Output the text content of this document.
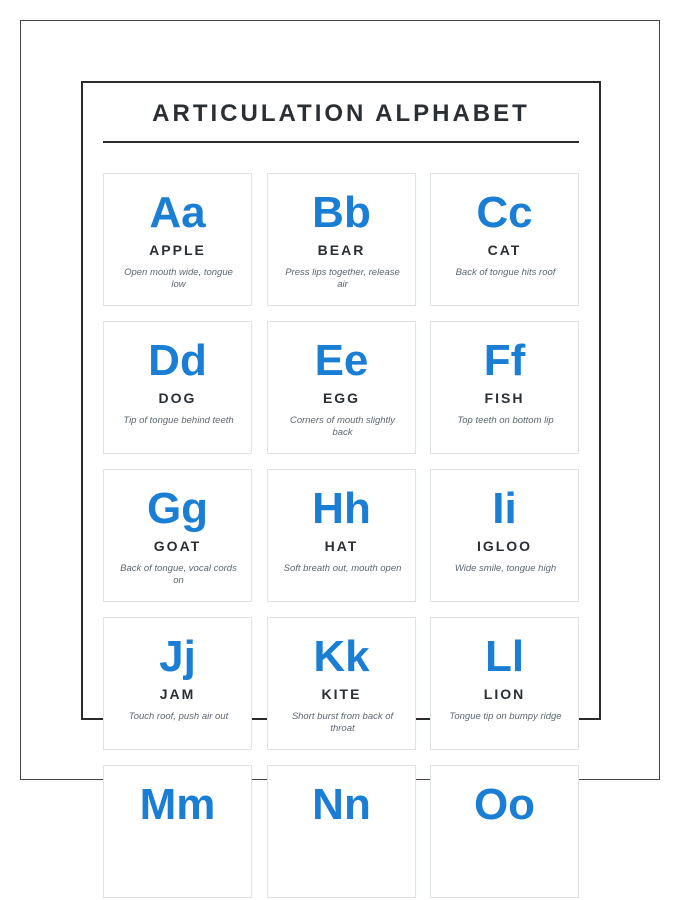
ARTICULATION ALPHABET
Aa
APPLE
Open mouth wide, tongue low
Bb
BEAR
Press lips together, release air
Cc
CAT
Back of tongue hits roof
Dd
DOG
Tip of tongue behind teeth
Ee
EGG
Corners of mouth slightly back
Ff
FISH
Top teeth on bottom lip
Gg
GOAT
Back of tongue, vocal cords on
Hh
HAT
Soft breath out, mouth open
Ii
IGLOO
Wide smile, tongue high
Jj
JAM
Touch roof, push air out
Kk
KITE
Short burst from back of throat
Ll
LION
Tongue tip on bumpy ridge
Mm	Nn	Oo
